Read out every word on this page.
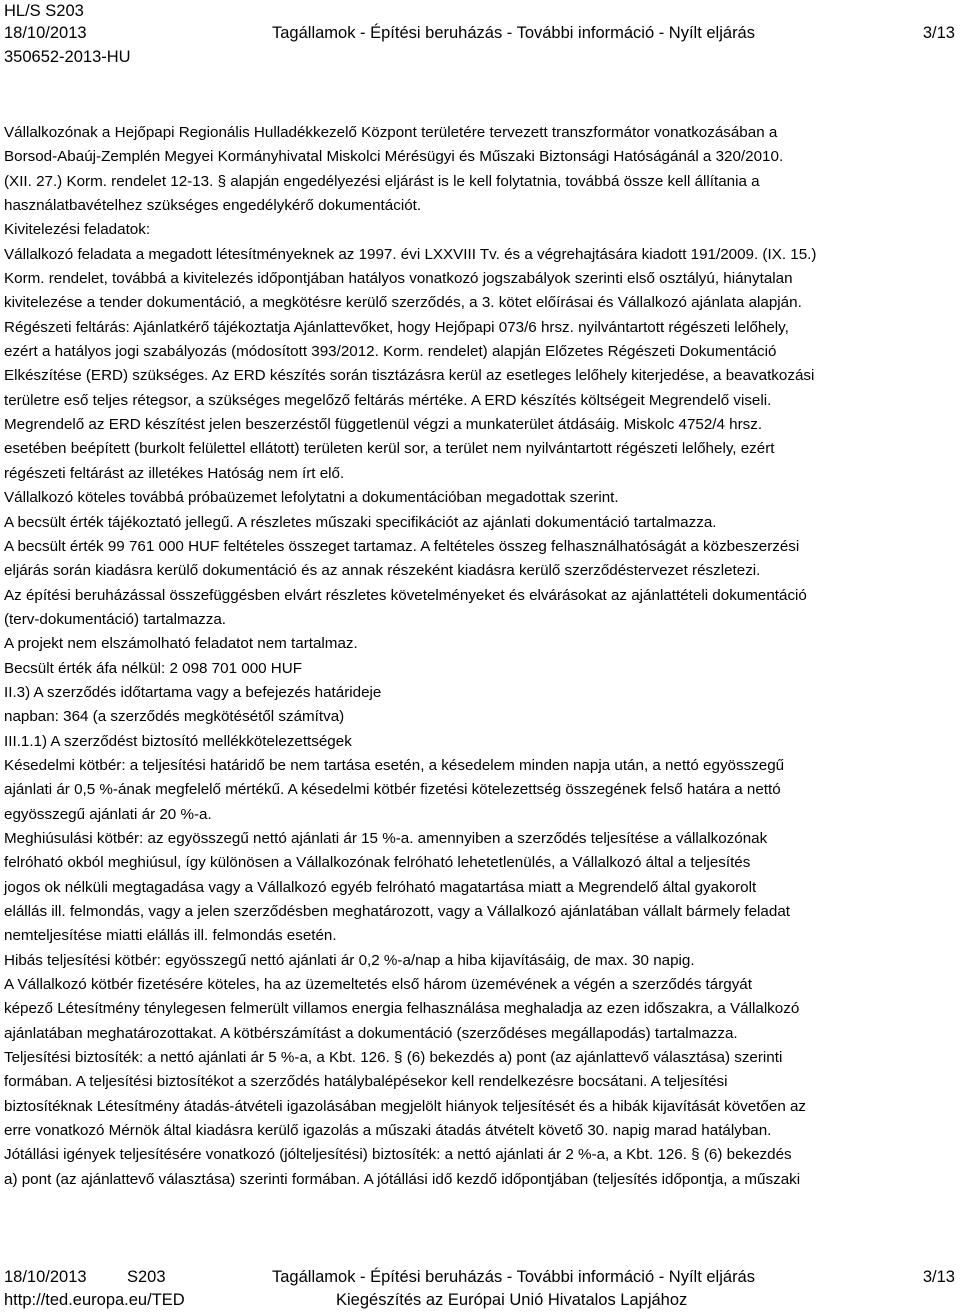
HL/S S203
18/10/2013	Tagállamok - Építési beruházás - További információ - Nyílt eljárás	3/13
350652-2013-HU
Vállalkozónak a Hejőpapi Regionális Hulladékkezelő Központ területére tervezett transzformátor vonatkozásában a
Borsod-Abaúj-Zemplén Megyei Kormányhivatal Miskolci Mérésügyi és Műszaki Biztonsági Hatóságánál a 320/2010.
(XII. 27.) Korm. rendelet 12-13. § alapján engedélyezési eljárást is le kell folytatnia, továbbá össze kell állítania a
használatbavételhez szükséges engedélykérő dokumentációt.
Kivitelezési feladatok:
Vállalkozó feladata a megadott létesítményeknek az 1997. évi LXXVIII Tv. és a végrehajtására kiadott 191/2009. (IX. 15.)
Korm. rendelet, továbbá a kivitelezés időpontjában hatályos vonatkozó jogszabályok szerinti első osztályú, hiánytalan
kivitelezése a tender dokumentáció, a megkötésre kerülő szerződés, a 3. kötet előírásai és Vállalkozó ajánlata alapján.
Régészeti feltárás: Ajánlatkérő tájékoztatja Ajánlattevőket, hogy Hejőpapi 073/6 hrsz. nyilvántartott régészeti lelőhely,
ezért a hatályos jogi szabályozás (módosított 393/2012. Korm. rendelet) alapján Előzetes Régészeti Dokumentáció
Elkészítése (ERD) szükséges. Az ERD készítés során tisztázásra kerül az esetleges lelőhely kiterjedése, a beavatkozási
területre eső teljes rétegsor, a szükséges megelőző feltárás mértéke. A ERD készítés költségeit Megrendelő viseli.
Megrendelő az ERD készítést jelen beszerzéstől függetlenül végzi a munkaterület átdásáig. Miskolc 4752/4 hrsz.
esetében beépített (burkolt felülettel ellátott) területen kerül sor, a terület nem nyilvántartott régészeti lelőhely, ezért
régészeti feltárást az illetékes Hatóság nem írt elő.
Vállalkozó köteles továbbá próbaüzemet lefolytatni a dokumentációban megadottak szerint.
A becsült érték tájékoztató jellegű. A részletes műszaki specifikációt az ajánlati dokumentáció tartalmazza.
A becsült érték 99 761 000 HUF feltételes összeget tartamaz. A feltételes összeg felhasználhatóságát a közbeszerzési
eljárás során kiadásra kerülő dokumentáció és az annak részeként kiadásra kerülő szerződéstervezet részletezi.
Az építési beruházással összefüggésben elvárt részletes követelményeket és elvárásokat az ajánlattételi dokumentáció
(terv-dokumentáció) tartalmazza.
A projekt nem elszámolható feladatot nem tartalmaz.
Becsült érték áfa nélkül: 2 098 701 000 HUF
II.3) A szerződés időtartama vagy a befejezés határideje
napban: 364 (a szerződés megkötésétől számítva)
III.1.1) A szerződést biztosító mellékkötelezettségek
Késedelmi kötbér: a teljesítési határidő be nem tartása esetén, a késedelem minden napja után, a nettó egyösszegű
ajánlati ár 0,5 %-ának megfelelő mértékű. A késedelmi kötbér fizetési kötelezettség összegének felső határa a nettó
egyösszegű ajánlati ár 20 %-a.
Meghiúsulási kötbér: az egyösszegű nettó ajánlati ár 15 %-a. amennyiben a szerződés teljesítése a vállalkozónak
felróható okból meghiúsul, így különösen a Vállalkozónak felróható lehetetlenülés, a Vállalkozó által a teljesítés
jogos ok nélküli megtagadása vagy a Vállalkozó egyéb felróható magatartása miatt a Megrendelő által gyakorolt
elállás ill. felmondás, vagy a jelen szerződésben meghatározott, vagy a Vállalkozó ajánlatában vállalt bármely feladat
nemteljesítése miatti elállás ill. felmondás esetén.
Hibás teljesítési kötbér: egyösszegű nettó ajánlati ár 0,2 %-a/nap a hiba kijavításáig, de max. 30 napig.
A Vállalkozó kötbér fizetésére köteles, ha az üzemeltetés első három üzemévének a végén a szerződés tárgyát
képező Létesítmény ténylegesen felmerült villamos energia felhasználása meghaladja az ezen időszakra, a Vállalkozó
ajánlatában meghatározottakat. A kötbérszámítást a dokumentáció (szerződéses megállapodás) tartalmazza.
Teljesítési biztosíték: a nettó ajánlati ár 5 %-a, a Kbt. 126. § (6) bekezdés a) pont (az ajánlattevő választása) szerinti
formában. A teljesítési biztosítékot a szerződés hatálybalépésekor kell rendelkezésre bocsátani. A teljesítési
biztosítéknak Létesítmény átadás-átvételi igazolásában megjelölt hiányok teljesítését és a hibák kijavítását követően az
erre vonatkozó Mérnök által kiadásra kerülő igazolás a műszaki átadás átvételt követő 30. napig marad hatályban.
Jótállási igények teljesítésére vonatkozó (jólteljesítési) biztosíték: a nettó ajánlati ár 2 %-a, a Kbt. 126. § (6) bekezdés
a) pont (az ajánlattevő választása) szerinti formában. A jótállási idő kezdő időpontjában (teljesítés időpontja, a műszaki
18/10/2013 S203	Tagállamok - Építési beruházás - További információ - Nyílt eljárás	3/13
http://ted.europa.eu/TED	Kiegészítés az Európai Unió Hivatalos Lapjához
